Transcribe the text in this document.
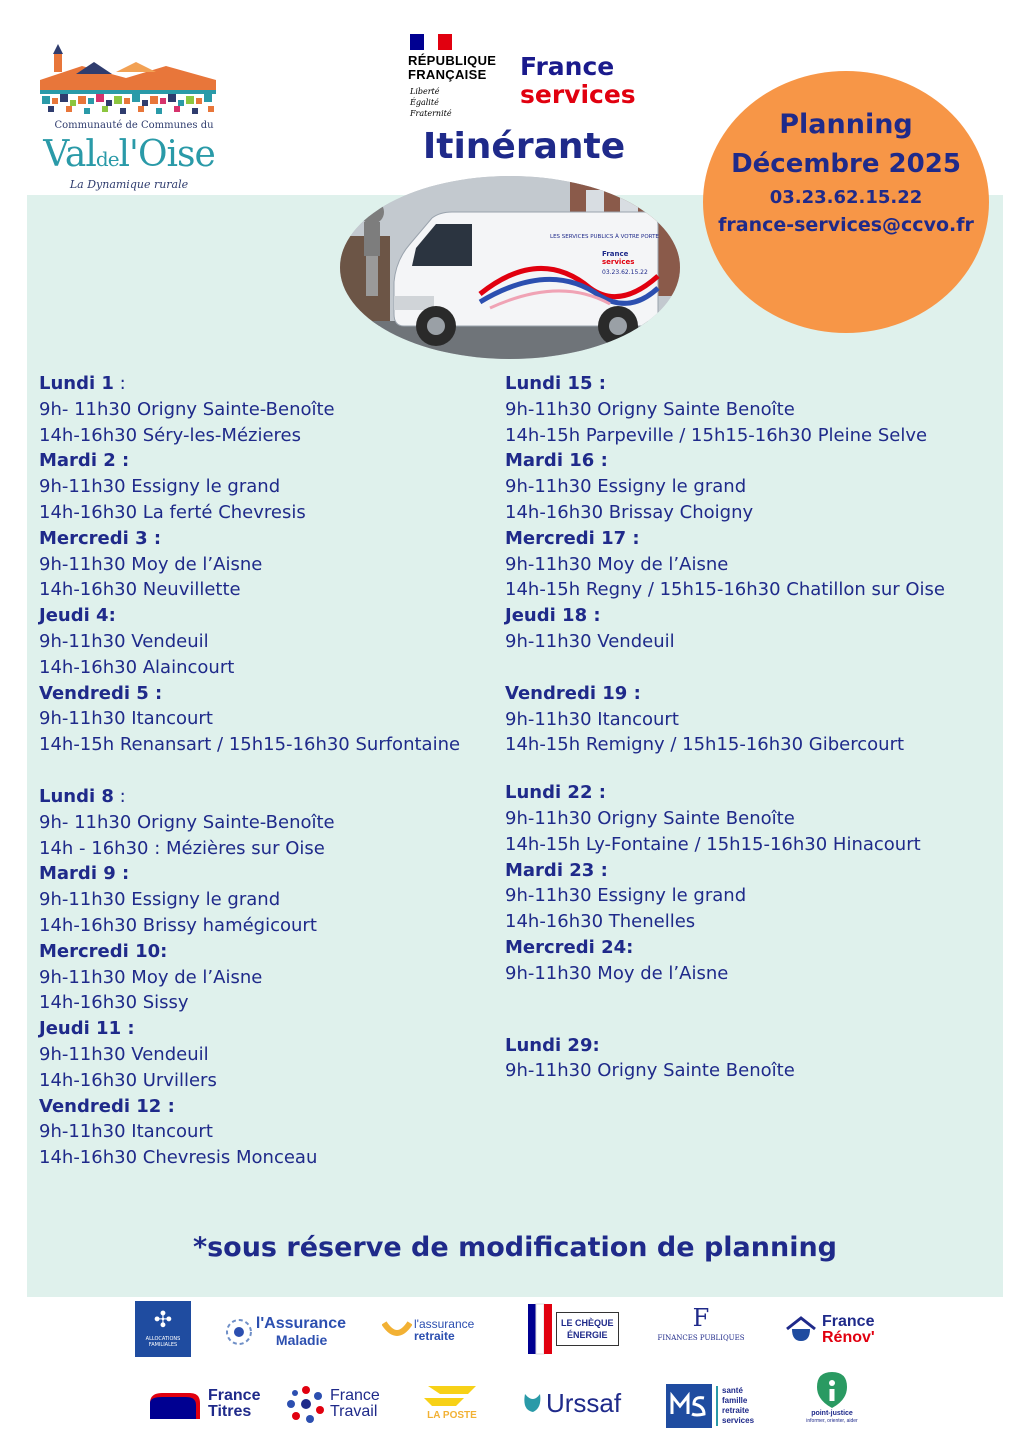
Communauté de Communes du
Valdel'Oise
La Dynamique rurale
RÉPUBLIQUE
FRANÇAISE
Liberté
Égalité
Fraternité
France
services
Itinérante
Planning
Décembre 2025
03.23.62.15.22
france-services@ccvo.fr
LES SERVICES PUBLICS À VOTRE PORTE
France
services
03.23.62.15.22
Lundi 1 :
9h- 11h30 Origny Sainte-Benoîte
14h-16h30 Séry-les-Mézieres
Mardi 2 :
9h-11h30 Essigny le grand
14h-16h30 La ferté Chevresis
Mercredi 3 :
9h-11h30 Moy de l’Aisne
14h-16h30 Neuvillette
Jeudi 4:
9h-11h30 Vendeuil
14h-16h30 Alaincourt
Vendredi 5 :
9h-11h30 Itancourt
14h-15h Renansart / 15h15-16h30 Surfontaine
Lundi 8 :
9h- 11h30 Origny Sainte-Benoîte
14h - 16h30 : Mézières sur Oise
Mardi 9 :
9h-11h30 Essigny le grand
14h-16h30 Brissy hamégicourt
Mercredi 10:
9h-11h30 Moy de l’Aisne
14h-16h30 Sissy
Jeudi 11 :
9h-11h30 Vendeuil
14h-16h30 Urvillers
Vendredi 12 :
9h-11h30 Itancourt
14h-16h30 Chevresis Monceau
Lundi 15 :
9h-11h30 Origny Sainte Benoîte
14h-15h Parpeville / 15h15-16h30 Pleine Selve
Mardi 16 :
9h-11h30 Essigny le grand
14h-16h30 Brissay Choigny
Mercredi 17 :
9h-11h30 Moy de l’Aisne
14h-15h Regny / 15h15-16h30 Chatillon sur Oise
Jeudi 18 :
9h-11h30 Vendeuil
Vendredi 19 :
9h-11h30 Itancourt
14h-15h Remigny / 15h15-16h30 Gibercourt
Lundi 22 :
9h-11h30 Origny Sainte Benoîte
14h-15h Ly-Fontaine / 15h15-16h30 Hinacourt
Mardi 23 :
9h-11h30 Essigny le grand
14h-16h30 Thenelles
Mercredi 24:
9h-11h30 Moy de l’Aisne
Lundi 29:
9h-11h30 Origny Sainte Benoîte
*sous réserve de modification de planning
✣
ALLOCATIONS FAMILIALES
l'Assurance
Maladie
l'assurance
retraite
LE CHÈQUE
ÉNERGIE
F
FINANCES PUBLIQUES
France
Rénov'
France
Titres
France
Travail	LA POSTE	Urssaf	santé
famille
retraite
services
point-justice
informer, orienter, aider
